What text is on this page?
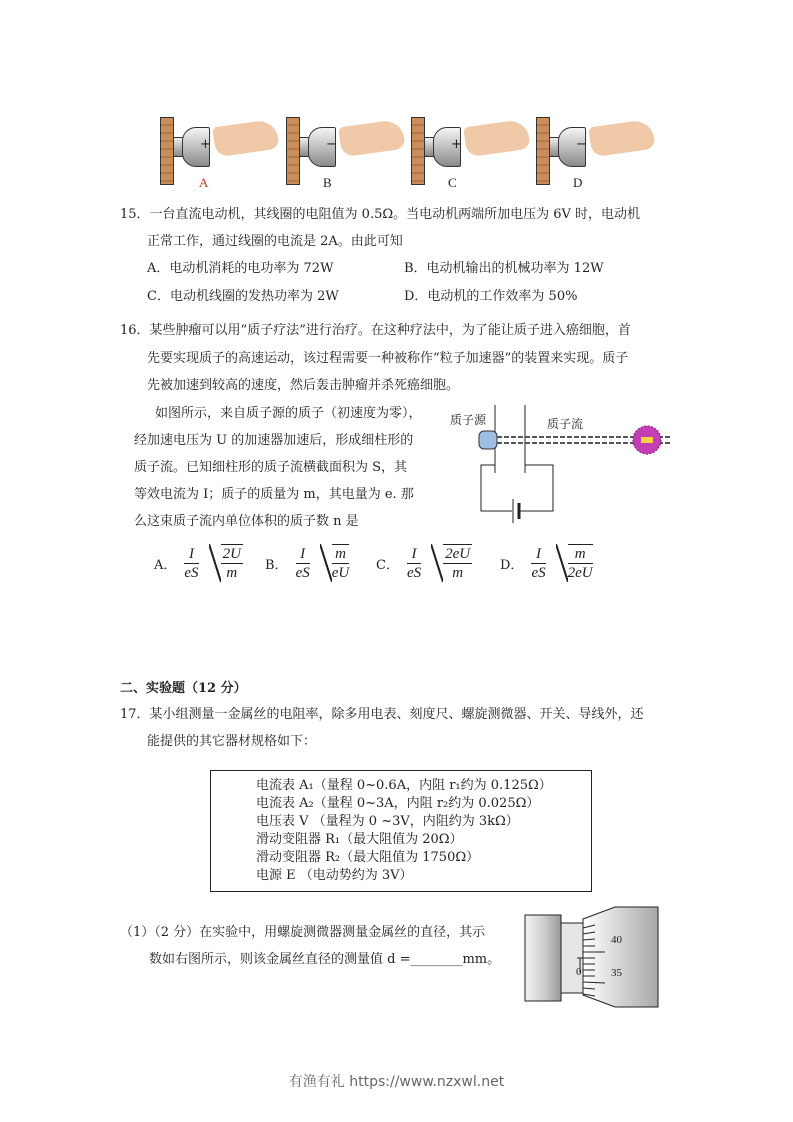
+	−	+	−
A	B	C	D
15．一台直流电动机，其线圈的电阻值为 0.5Ω。当电动机两端所加电压为 6V 时，电动机
正常工作，通过线圈的电流是 2A。由此可知
A．电动机消耗的电功率为 72W	B．电动机输出的机械功率为 12W
C．电动机线圈的发热功率为 2W	D．电动机的工作效率为 50%
16．某些肿瘤可以用“质子疗法”进行治疗。在这种疗法中，为了能让质子进入癌细胞，首
先要实现质子的高速运动，该过程需要一种被称作“粒子加速器”的装置来实现。质子
先被加速到较高的速度，然后轰击肿瘤并杀死癌细胞。
如图所示，来自质子源的质子（初速度为零），
经加速电压为 U 的加速器加速后，形成细柱形的
质子流。已知细柱形的质子流横截面积为 S，其
等效电流为 I；质子的质量为 m，其电量为 e. 那
么这束质子流内单位体积的质子数 n 是
质子源	质子流
A． $\frac{I}{eS} \frac{2U}{m}$ B． $\frac{I}{eS} \frac{m}{eU}$ C． $\frac{I}{eS} \frac{2eU}{m}$ D． $\frac{I}{eS} \frac{m}{2eU}$
二、实验题（12 分）
17．某小组测量一金属丝的电阻率，除多用电表、刻度尺、螺旋测微器、开关、导线外，还
能提供的其它器材规格如下：
电流表 A₁（量程 0~0.6A，内阻 r₁约为 0.125Ω）
电流表 A₂（量程 0~3A，内阻 r₂约为 0.025Ω）
电压表 V （量程为 0 ~3V，内阻约为 3kΩ）
滑动变阻器 R₁（最大阻值为 20Ω）
滑动变阻器 R₂（最大阻值为 1750Ω）
电源 E （电动势约为 3V）
（1）（2 分）在实验中，用螺旋测微器测量金属丝的直径，其示
数如右图所示，则该金属丝直径的测量值 d =________mm。
40
35
0
有渔有礼 https://www.nzxwl.net
